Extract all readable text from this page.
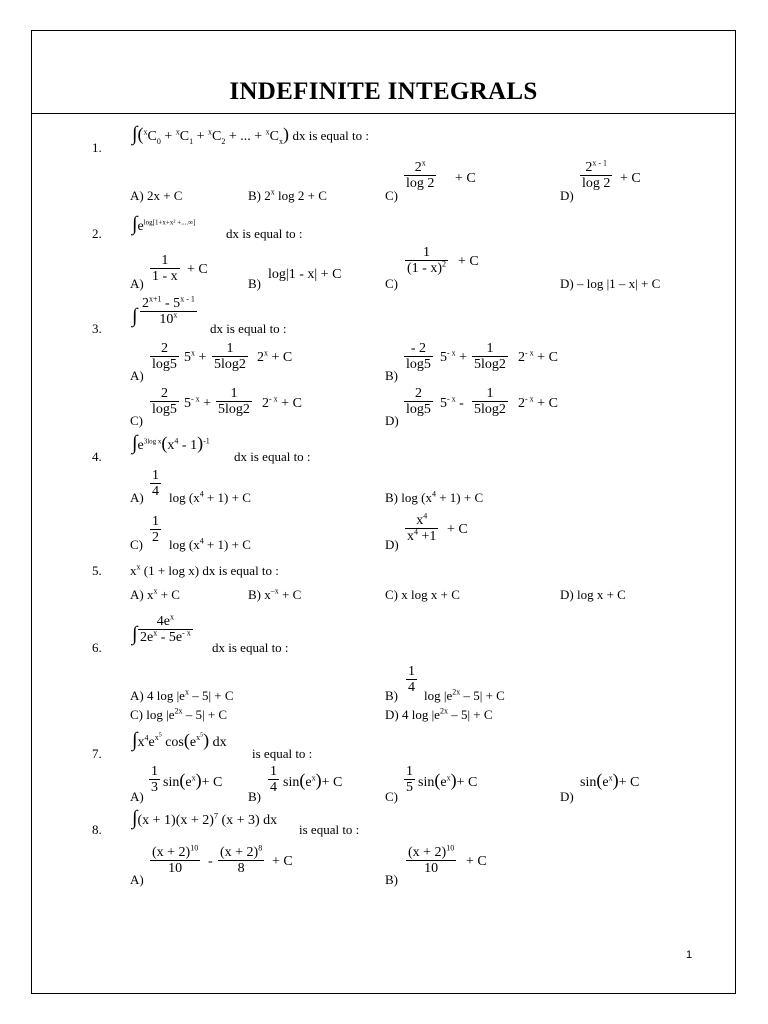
INDEFINITE INTEGRALS
1.
$\int(^xC_0 + ^xC_1 + ^xC_2$ + ... + $^xC_x$) dx is equal to :
A) 2x + C	B) 2$^x$ log 2 + C	C)
$\frac{2^x}{\log 2} + C$
D)
$\frac{2^{x - 1}}{\log 2} + C$
2. $\int e^{log[1+x+x^2 +....\infty]}$
dx is equal to :
$A) \frac{1}{1 - x} + C$
B)
log|1 - x| + C
C)
$\frac{1}{(1 - x)^2} + C$
D) – log |1 – x| + C
3.
∫ $\frac{2^{x+1} - 5^{x - 1}}{10^x}$
dx is equal to :
A)
$\frac{2}{\log 5} 5^x + \frac{1}{5\log 2} 2^x + C$
B)
$\frac{- 2}{\log 5} 5^{- x} + \frac{1}{5\log 2} 2^{- x} + C$
C)
$\frac{2}{\log 5} 5^{- x} + \frac{1}{5\log 2} 2^{- x} + C$
D)
$\frac{2}{\log 5} 5^{- x} - \frac{1}{5\log 2} 2^{- x} + C$
4.
$\int e^{3log x}(x^4 - 1)^{-1}$
dx is equal to :
$A) \frac{1}{4}$ $\log (x^4 + 1) + C$	B) $\log (x^4 + 1) + C$
$C) \frac{1}{2}$ $\log (x^4 + 1) + C$	D)
$\frac{x^4}{x^4 +1} + C$
5. $x^x$ (1 + log x) dx is equal to :
A) $x^x + C$	B) $x^{-x} + C$	C) x log x + C	D) log x + C
6.
∫ $\frac{4e^x}{2e^x - 5e^{- x}}$
dx is equal to :
A) 4 $\log |e^x - 5| + C$	B)
$\frac{1}{4}$
$\log |e^{2x} - 5| + C$
C) $\log |e^{2x} - 5| + C$	D) 4 $\log |e^{2x} - 5| + C$
7.
$\int x^4e^{x^5}$ $\cos(e^{x^5})$ dx
is equal to :
A)
$\frac{1}{3} \sin(e^x)+ C$
B)
$\frac{1}{4} \sin(e^x)+ C$
C)
$\frac{1}{5} \sin(e^x)+ C$
D)
$\sin(e^x)+ C$
8.
$\int(x + 1)(x + 2)^7$ (x + 3) dx
is equal to :
A)
$\frac{(x + 2)^{10}}{10} - \frac{(x + 2)^8}{8} + C$
B)
$\frac{(x + 2)^{10}}{10} + C$
1
